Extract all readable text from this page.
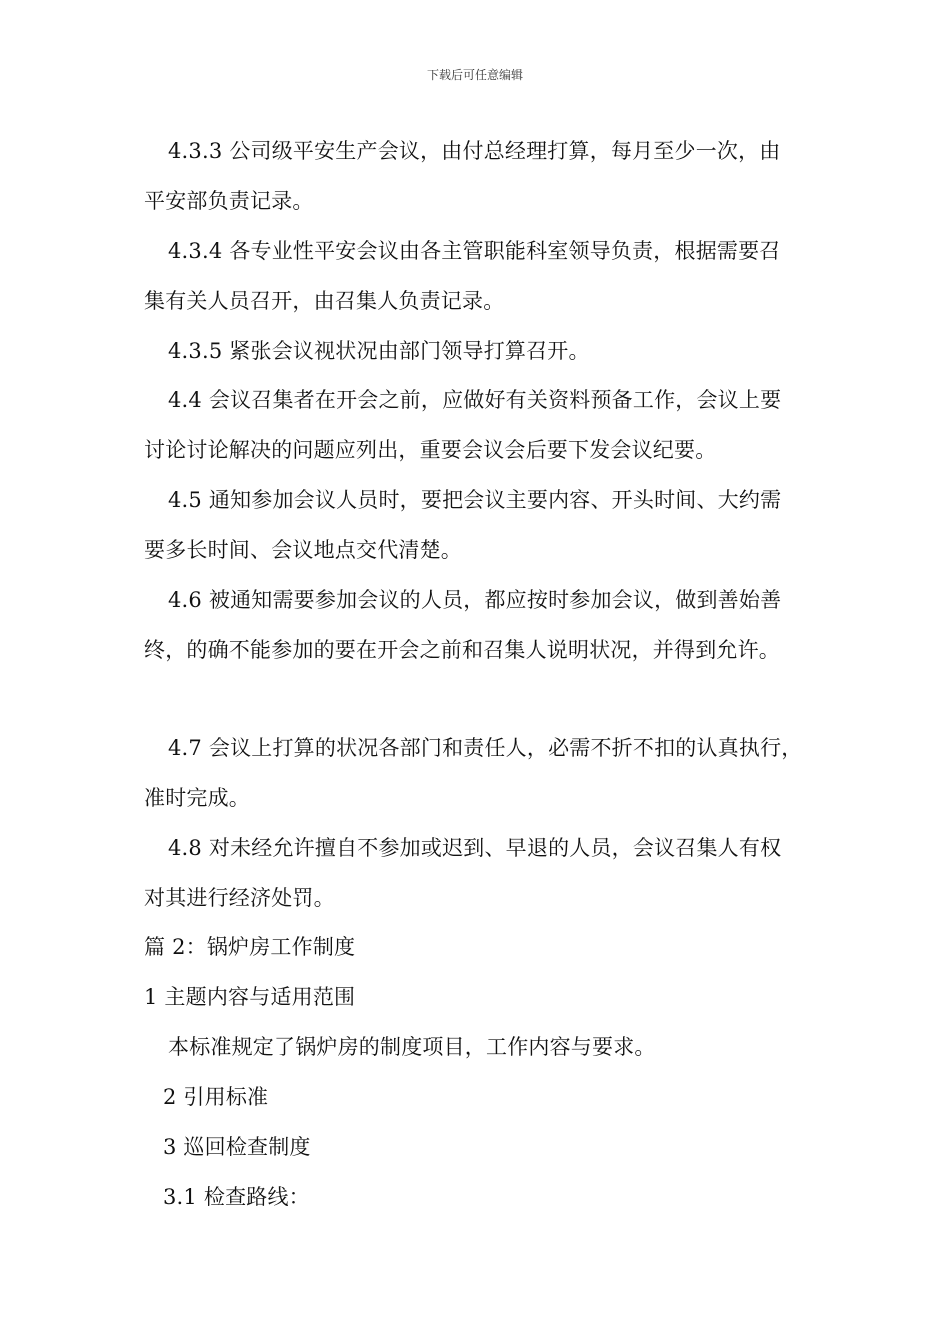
下载后可任意编辑
4.3.3 公司级平安生产会议，由付总经理打算，每月至少一次，由
平安部负责记录。
4.3.4 各专业性平安会议由各主管职能科室领导负责，根据需要召
集有关人员召开，由召集人负责记录。
4.3.5 紧张会议视状况由部门领导打算召开。
4.4 会议召集者在开会之前，应做好有关资料预备工作，会议上要
讨论讨论解决的问题应列出，重要会议会后要下发会议纪要。
4.5 通知参加会议人员时，要把会议主要内容、开头时间、大约需
要多长时间、会议地点交代清楚。
4.6 被通知需要参加会议的人员，都应按时参加会议，做到善始善
终，的确不能参加的要在开会之前和召集人说明状况，并得到允许。
4.7 会议上打算的状况各部门和责任人，必需不折不扣的认真执行，
准时完成。
4.8 对未经允许擅自不参加或迟到、早退的人员，会议召集人有权
对其进行经济处罚。
篇 2：锅炉房工作制度
1 主题内容与适用范围
本标准规定了锅炉房的制度项目，工作内容与要求。
2 引用标准
3 巡回检查制度
3.1 检查路线：
